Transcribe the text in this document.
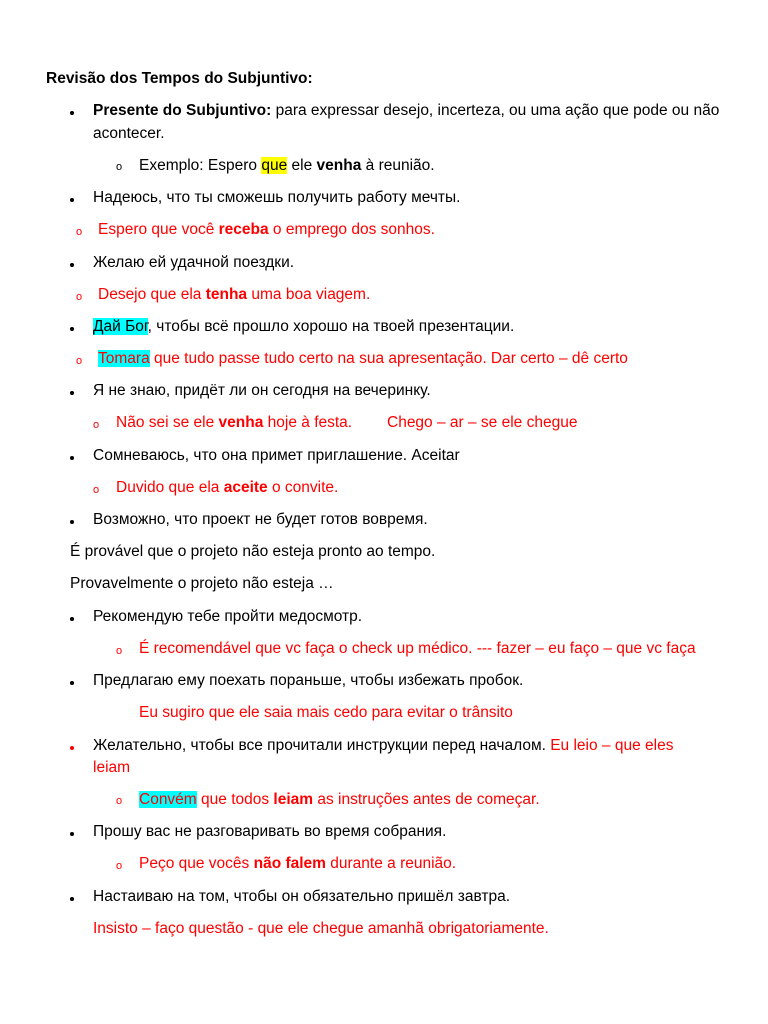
Revisão dos Tempos do Subjuntivo:
Presente do Subjuntivo: para expressar desejo, incerteza, ou uma ação que pode ou não
acontecer.
o Exemplo: Espero que ele venha à reunião.
Надеюсь, что ты сможешь получить работу мечты.
o Espero que você receba o emprego dos sonhos.
Желаю ей удачной поездки.
o Desejo que ela tenha uma boa viagem.
Дай Бог, чтобы всё прошло хорошо на твоей презентации.
o Tomara que tudo passe tudo certo na sua apresentação. Dar certo – dê certo
Я не знаю, придёт ли он сегодня на вечеринку.
o Não sei se ele venha hoje à festa. Chego – ar – se ele chegue
Сомневаюсь, что она примет приглашение. Aceitar
o Duvido que ela aceite o convite.
Возможно, что проект не будет готов вовремя.
É provável que o projeto não esteja pronto ao tempo.
Provavelmente o projeto não esteja …
Рекомендую тебе пройти медосмотр.
o É recomendável que vc faça o check up médico. --- fazer – eu faço – que vc faça
Предлагаю ему поехать пораньше, чтобы избежать пробок.
Eu sugiro que ele saia mais cedo para evitar o trânsito
Желательно, чтобы все прочитали инструкции перед началом. Eu leio – que eles
leiam
o Convém que todos leiam as instruções antes de começar.
Прошу вас не разговаривать во время собрания.
o Peço que vocês não falem durante a reunião.
Настаиваю на том, чтобы он обязательно пришёл завтра.
Insisto – faço questão - que ele chegue amanhã obrigatoriamente.
